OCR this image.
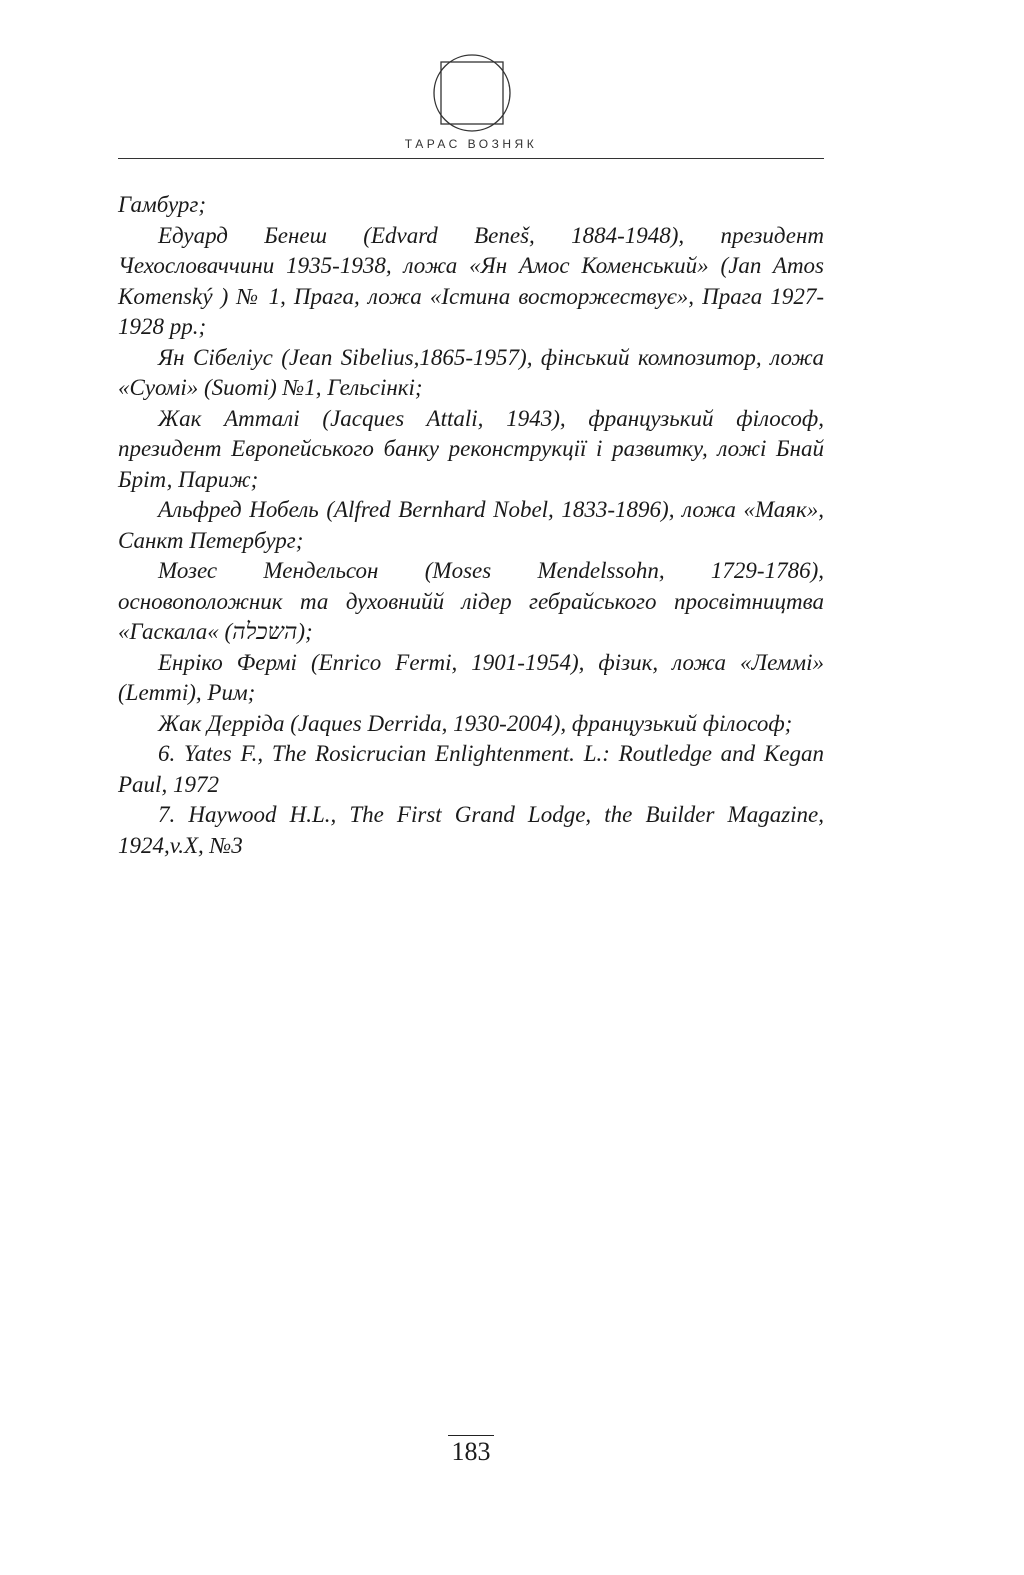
ТАРАС ВОЗНЯК

Гамбург;

Едуард Бенеш (Edvard Beneš, 1884-1948), президент Чехословаччини 1935-1938, ложа «Ян Амос Коменський» (Jan Amos Komenský ) № 1, Прага, ложа «Істина восторжествує», Прага 1927-1928 рр.;

Ян Сібеліус (Jean Sibelius,1865-1957), фінський композитор, ложа «Суомі» (Suomi) №1, Гельсінкі;

Жак Атталі (Jacques Attali, 1943), французький філософ, президент Европейського банку реконструкції і развитку, ложі Бнай Бріт, Париж;

Альфред Нобель (Alfred Bernhard Nobel, 1833-1896), ложа «Маяк», Санкт Петербург;

Мозес Мендельсон (Moses Mendelssohn, 1729-1786), основоположник та духовнийй лідер гебрайського просвітництва «Гаскала« (השכלה);

Енріко Фермі (Enrico Fermi, 1901-1954), фізик, ложа «Леммі» (Lemmi), Рим;

Жак Дерріда (Jaques Derrida, 1930-2004), французький філософ;

6. Yates F., The Rosicrucian Enlightenment. L.: Routledge and Kegan Paul, 1972

7. Haywood H.L., The First Grand Lodge, the Builder Magazine, 1924,v.X, №3

183
